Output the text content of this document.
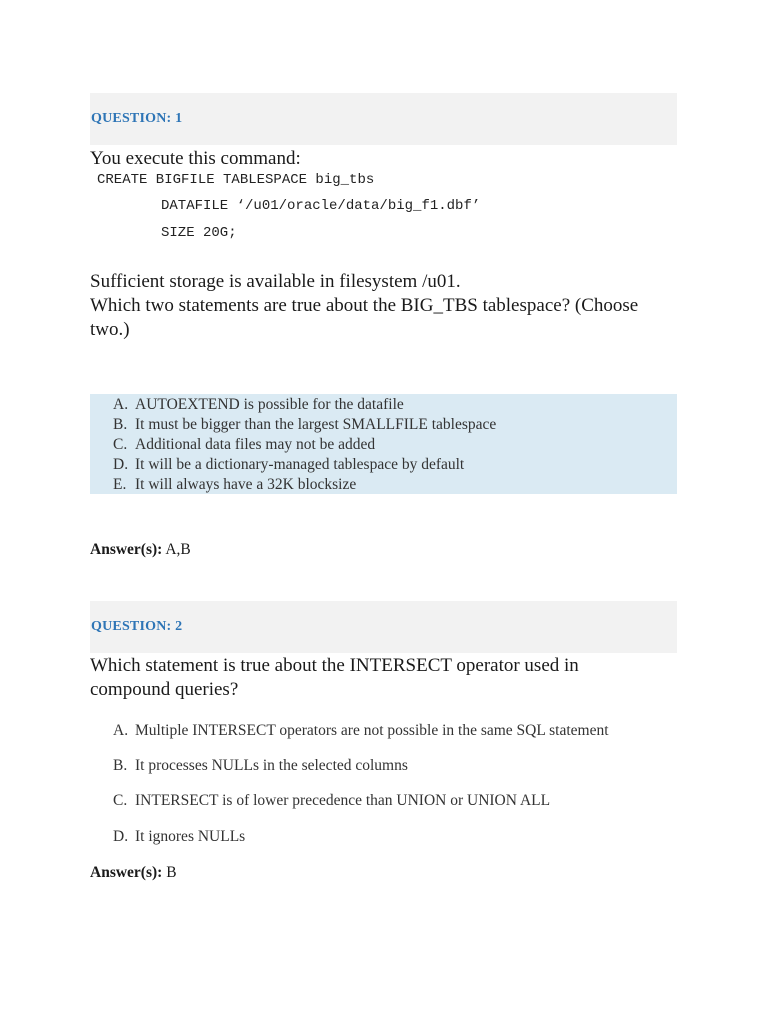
QUESTION: 1
You execute this command:
CREATE BIGFILE TABLESPACE big_tbs
DATAFILE ‘/u01/oracle/data/big_f1.dbf’
SIZE 20G;
Sufficient storage is available in filesystem /u01.
Which two statements are true about the BIG_TBS tablespace? (Choose two.)
A. AUTOEXTEND is possible for the datafile
B. It must be bigger than the largest SMALLFILE tablespace
C. Additional data files may not be added
D. It will be a dictionary-managed tablespace by default
E. It will always have a 32K blocksize
Answer(s): A,B
QUESTION: 2
Which statement is true about the INTERSECT operator used in compound queries?
A. Multiple INTERSECT operators are not possible in the same SQL statement
B. It processes NULLs in the selected columns
C. INTERSECT is of lower precedence than UNION or UNION ALL
D. It ignores NULLs
Answer(s): B
